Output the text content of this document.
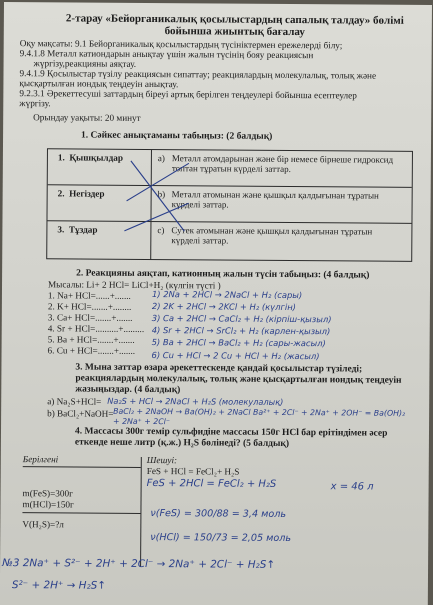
2-тарау «Бейорганикалық қосылыстардың сапалық талдау» бөлімі
бойынша жиынтық бағалау
Оқу мақсаты: 9.1 Бейорганикалық қосылыстардың түсініктермен ережелерді білу;
9.4.1.8 Металл катиондарын анықтау үшін жалын түсінің бояу реакциясын
жүргізу,реакцияны аяқтау.
9.4.1.9 Қосылыстар түзілу реакциясын сипаттау; реакциялардың молекулалық, толық және
қысқартылған иондық теңдеуін анықтау.
9.2.3.1 Әрекеттесуші заттардың біреуі артық берілген теңдеулері бойынша есептеулер
жүргізу.
Орындау уақыты: 20 минут
1. Сәйкес анықтаманы табыңыз: (2 балдық)
1. Қышқылдар	a) Металл атомдарынан және бір немесе бірнеше гидроксид
топтан тұратын күрделі заттар.
2. Негіздер	b) Металл атомынан және қышқыл қалдығынан тұратын
күрделі заттар.
3. Тұздар	c) Сутек атомынан және қышқыл қалдығынан тұратын
күрделі заттар.
2. Реакцияны аяқтап, катионның жалын түсін табыңыз: (4 балдық)
Мысалы: Li+ 2 HCl= LiCl+H₂ (күлгін түсті )
1. Na+ HCl=......+.......
2. K+ HCl=.......+........
3. Ca+ HCl=.......+.......
4. Sr + HCl=..........+.........
5. Ba + HCl=.......+.......
6. Cu + HCl=.......+.......
1) 2Na + 2HCl → 2NaCl + H₂ (сары)
2) 2K + 2HCl → 2KCl + H₂ (күлгін)
3) Ca + 2HCl → CaCl₂ + H₂ (кірпіш-қызыл)
4) Sr + 2HCl → SrCl₂ + H₂ (карлен-қызыл)
5) Ba + 2HCl → BaCl₂ + H₂ (сары-жасыл)
6) Cu + HCl → 2 Cu + HCl + H₂ (жасыл)
3. Мына заттар өзара әрекеттескенде қандай қосылыстар түзіледі;
реакциялардың молекулалық, толық және қысқартылған иондық теңдеуін
жазыңыздар. (4 балдық)
a) Na₂S+HCl= Na₂S + HCl → 2NaCl + H₂S (молекулалық)
b) BaCl₂+NaOH= BaCl₂ + 2NaOH → Ba(OH)₂ + 2NaCl Ba²⁺ + 2Cl⁻ + 2Na⁺ + 2OH⁻ = Ba(OH)₂ + 2Na⁺ + 2Cl⁻
4. Массасы 300г темір сульфидіне массасы 150г HCl бар ерітіндімен әсер
еткенде неше литр (қ.ж.) H₂S бөлінеді? (5 балдық)
Берілгені	Шешуі:
FeS + HCl = FeCl₂+ H₂S
m(FeS)=300г
m(HCl)=150г
V(H₂S)=?л
FeS + 2HCl = FeCl₂ + H₂S	x = 46 л
ν(FeS) = 300/88 = 3,4 моль
ν(HCl) = 150/73 = 2,05 моль
№3 2Na⁺ + S²⁻ + 2H⁺ + 2Cl⁻ → 2Na⁺ + 2Cl⁻ + H₂S↑
S²⁻ + 2H⁺ → H₂S↑
